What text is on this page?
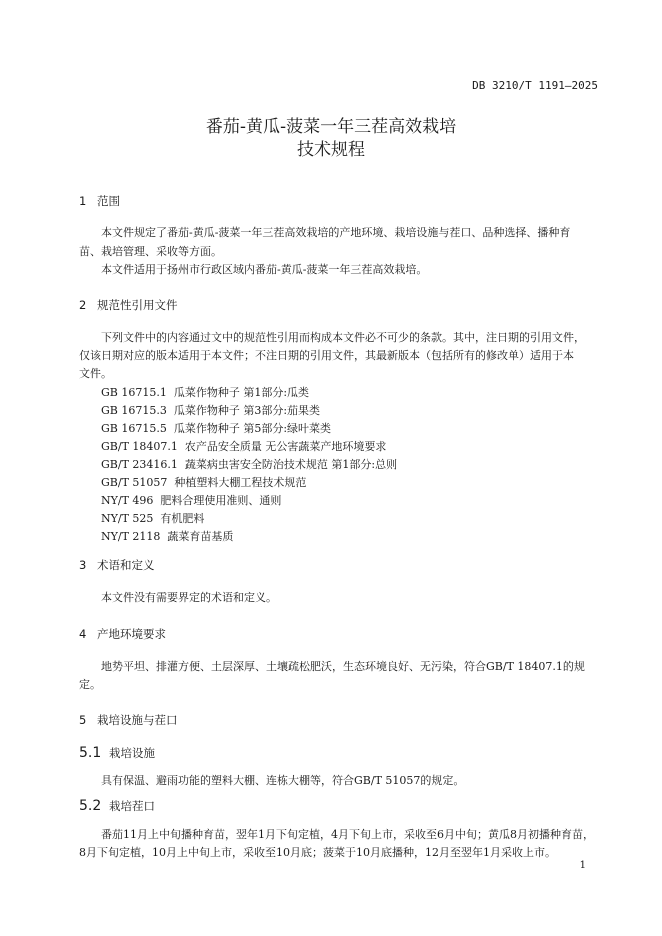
DB 3210/T 1191—2025
番茄-黄瓜-菠菜一年三茬高效栽培
技术规程
1 范围
本文件规定了番茄-黄瓜-菠菜一年三茬高效栽培的产地环境、栽培设施与茬口、品种选择、播种育
苗、栽培管理、采收等方面。
本文件适用于扬州市行政区域内番茄-黄瓜-菠菜一年三茬高效栽培。
2 规范性引用文件
下列文件中的内容通过文中的规范性引用而构成本文件必不可少的条款。其中，注日期的引用文件，
仅该日期对应的版本适用于本文件；不注日期的引用文件，其最新版本（包括所有的修改单）适用于本
文件。
GB 16715.1  瓜菜作物种子 第1部分:瓜类
GB 16715.3  瓜菜作物种子 第3部分:茄果类
GB 16715.5  瓜菜作物种子 第5部分:绿叶菜类
GB/T 18407.1  农产品安全质量 无公害蔬菜产地环境要求
GB/T 23416.1  蔬菜病虫害安全防治技术规范 第1部分:总则
GB/T 51057  种植塑料大棚工程技术规范
NY/T 496  肥料合理使用准则、通则
NY/T 525  有机肥料
NY/T 2118  蔬菜育苗基质
3 术语和定义
本文件没有需要界定的术语和定义。
4 产地环境要求
地势平坦、排灌方便、土层深厚、土壤疏松肥沃，生态环境良好、无污染，符合GB/T 18407.1的规
定。
5 栽培设施与茬口
5.1 栽培设施
具有保温、避雨功能的塑料大棚、连栋大棚等，符合GB/T 51057的规定。
5.2 栽培茬口
番茄11月上中旬播种育苗，翌年1月下旬定植，4月下旬上市，采收至6月中旬；黄瓜8月初播种育苗，
8月下旬定植，10月上中旬上市，采收至10月底；菠菜于10月底播种，12月至翌年1月采收上市。
1
